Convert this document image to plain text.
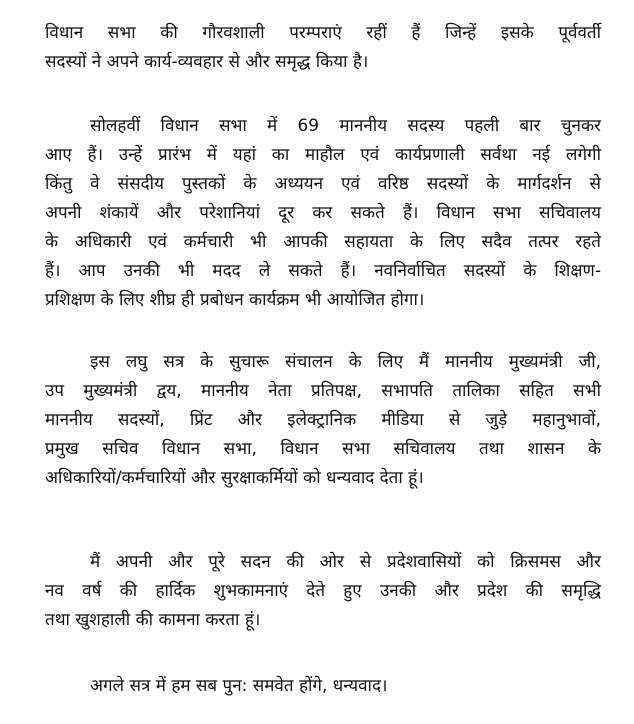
विधान सभा की गौरवशाली परम्पराएं रहीं हैं जिन्हें इसके पूर्ववर्ती
सदस्यों ने अपने कार्य-व्यवहार से और समृद्ध किया है।
सोलहवीं विधान सभा में 69 माननीय सदस्य पहली बार चुनकर
आए हैं। उन्हें प्रारंभ में यहां का माहौल एवं कार्यप्रणाली सर्वथा नई लगेगी
किंतु वे संसदीय पुस्तकों के अध्ययन एवं वरिष्ठ सदस्यों के मार्गदर्शन से
अपनी शंकायें और परेशानियां दूर कर सकते हैं। विधान सभा सचिवालय
के अधिकारी एवं कर्मचारी भी आपकी सहायता के लिए सदैव तत्पर रहते
हैं। आप उनकी भी मदद ले सकते हैं। नवनिर्वाचित सदस्यों के शिक्षण-
प्रशिक्षण के लिए शीघ्र ही प्रबोधन कार्यक्रम भी आयोजित होगा।
इस लघु सत्र के सुचारू संचालन के लिए मैं माननीय मुख्यमंत्री जी,
उप मुख्यमंत्री द्वय, माननीय नेता प्रतिपक्ष, सभापति तालिका सहित सभी
माननीय सदस्यों, प्रिंट और इलेक्ट्रानिक मीडिया से जुड़े महानुभावों,
प्रमुख सचिव विधान सभा, विधान सभा सचिवालय तथा शासन के
अधिकारियों/कर्मचारियों और सुरक्षाकर्मियों को धन्यवाद देता हूं।
मैं अपनी और पूरे सदन की ओर से प्रदेशवासियों को क्रिसमस और
नव वर्ष की हार्दिक शुभकामनाएं देते हुए उनकी और प्रदेश की समृद्धि
तथा खुशहाली की कामना करता हूं।
अगले सत्र में हम सब पुन: समवेत होंगे, धन्यवाद।
